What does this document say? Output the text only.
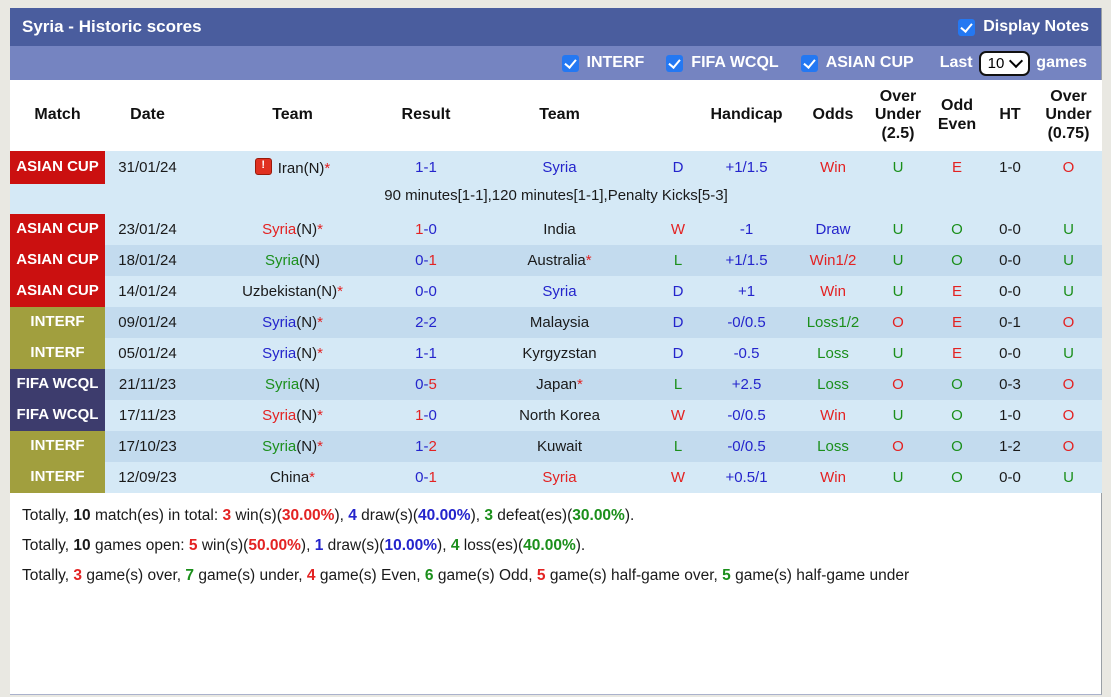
Syria - Historic scores	Display Notes
INTERF	FIFA WCQL	ASIAN CUP Last 10 games
Match	Date	Team	Result	Team		Handicap	Odds	Over Under (2.5)	Odd Even	HT	Over Under (0.75)
ASIAN CUP	31/01/24	!Iran(N)*	1-1	Syria	D	+1/1.5	Win	U	E	1-0	O
90 minutes[1-1],120 minutes[1-1],Penalty Kicks[5-3]											
ASIAN CUP	23/01/24	Syria(N)*	1-0	India	W	-1	Draw	U	O	0-0	U
ASIAN CUP	18/01/24	Syria(N)	0-1	Australia*	L	+1/1.5	Win1/2	U	O	0-0	U
ASIAN CUP	14/01/24	Uzbekistan(N)*	0-0	Syria	D	+1	Win	U	E	0-0	U
INTERF	09/01/24	Syria(N)*	2-2	Malaysia	D	-0/0.5	Loss1/2	O	E	0-1	O
INTERF	05/01/24	Syria(N)*	1-1	Kyrgyzstan	D	-0.5	Loss	U	E	0-0	U
FIFA WCQL	21/11/23	Syria(N)	0-5	Japan*	L	+2.5	Loss	O	O	0-3	O
FIFA WCQL	17/11/23	Syria(N)*	1-0	North Korea	W	-0/0.5	Win	U	O	1-0	O
INTERF	17/10/23	Syria(N)*	1-2	Kuwait	L	-0/0.5	Loss	O	O	1-2	O
INTERF	12/09/23	China*	0-1	Syria	W	+0.5/1	Win	U	O	0-0	U

Totally, 10 match(es) in total: 3 win(s)(30.00%), 4 draw(s)(40.00%), 3 defeat(es)(30.00%).

Totally, 10 games open: 5 win(s)(50.00%), 1 draw(s)(10.00%), 4 loss(es)(40.00%).

Totally, 3 game(s) over, 7 game(s) under, 4 game(s) Even, 6 game(s) Odd, 5 game(s) half-game over, 5 game(s) half-game under
